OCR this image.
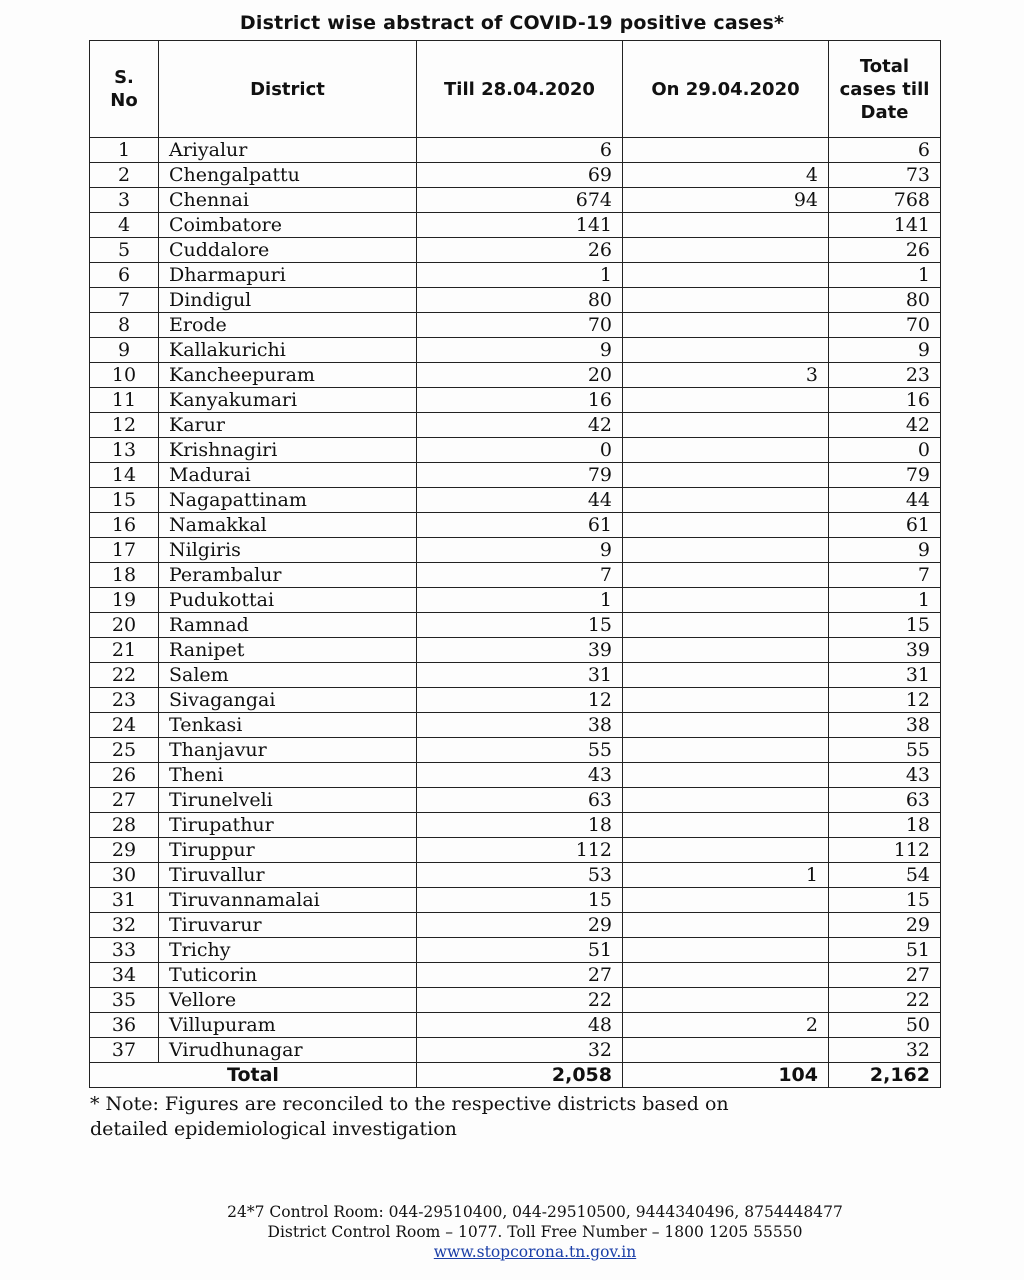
District wise abstract of COVID-19 positive cases*
S. No	District	Till 28.04.2020	On 29.04.2020	Total cases till Date
1	Ariyalur	6		6
2	Chengalpattu	69	4	73
3	Chennai	674	94	768
4	Coimbatore	141		141
5	Cuddalore	26		26
6	Dharmapuri	1		1
7	Dindigul	80		80
8	Erode	70		70
9	Kallakurichi	9		9
10	Kancheepuram	20	3	23
11	Kanyakumari	16		16
12	Karur	42		42
13	Krishnagiri	0		0
14	Madurai	79		79
15	Nagapattinam	44		44
16	Namakkal	61		61
17	Nilgiris	9		9
18	Perambalur	7		7
19	Pudukottai	1		1
20	Ramnad	15		15
21	Ranipet	39		39
22	Salem	31		31
23	Sivagangai	12		12
24	Tenkasi	38		38
25	Thanjavur	55		55
26	Theni	43		43
27	Tirunelveli	63		63
28	Tirupathur	18		18
29	Tiruppur	112		112
30	Tiruvallur	53	1	54
31	Tiruvannamalai	15		15
32	Tiruvarur	29		29
33	Trichy	51		51
34	Tuticorin	27		27
35	Vellore	22		22
36	Villupuram	48	2	50
37	Virudhunagar	32		32
Total		2,058	104	2,162
* Note: Figures are reconciled to the respective districts based on
detailed epidemiological investigation
24*7 Control Room: 044-29510400, 044-29510500, 9444340496, 8754448477
District Control Room – 1077. Toll Free Number – 1800 1205 55550
www.stopcorona.tn.gov.in
